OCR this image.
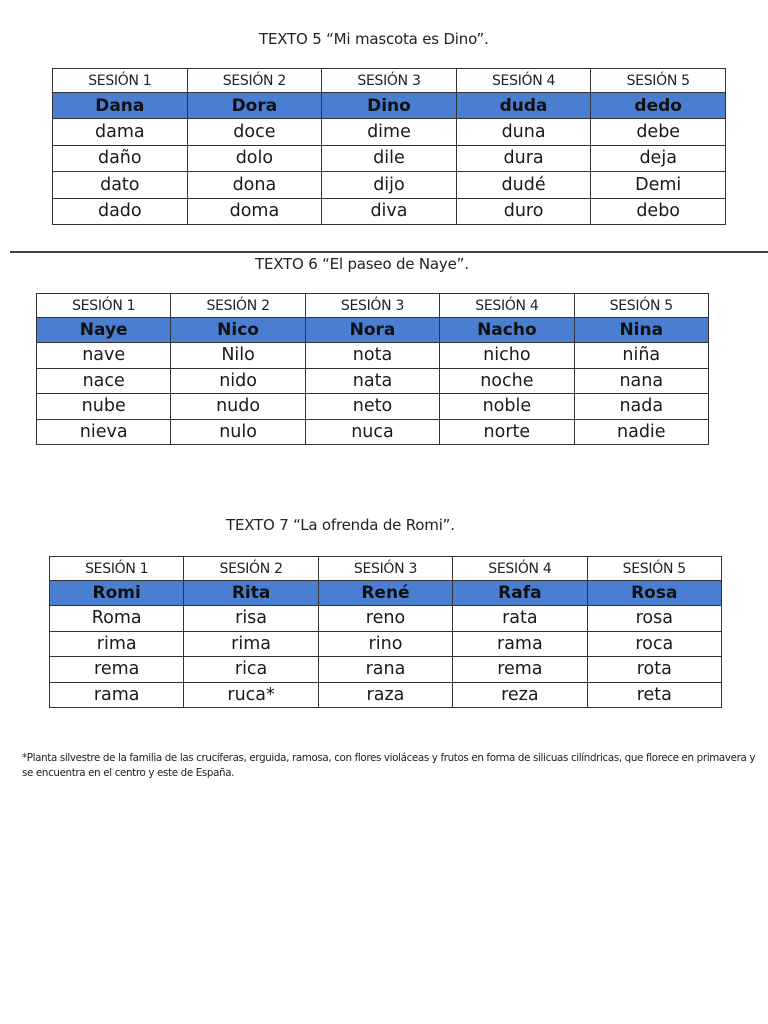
TEXTO 5 “Mi mascota es Dino”.
SESIÓN 1	SESIÓN 2	SESIÓN 3	SESIÓN 4	SESIÓN 5
Dana	Dora	Dino	duda	dedo
dama	doce	dime	duna	debe
daño	dolo	dile	dura	deja
dato	dona	dijo	dudé	Demi
dado	doma	diva	duro	debo
TEXTO 6 “El paseo de Naye”.
SESIÓN 1	SESIÓN 2	SESIÓN 3	SESIÓN 4	SESIÓN 5
Naye	Nico	Nora	Nacho	Nina
nave	Nilo	nota	nicho	niña
nace	nido	nata	noche	nana
nube	nudo	neto	noble	nada
nieva	nulo	nuca	norte	nadie
TEXTO 7 “La ofrenda de Romi”.
SESIÓN 1	SESIÓN 2	SESIÓN 3	SESIÓN 4	SESIÓN 5
Romi	Rita	René	Rafa	Rosa
Roma	risa	reno	rata	rosa
rima	rima	rino	rama	roca
rema	rica	rana	rema	rota
rama	ruca*	raza	reza	reta
*Planta silvestre de la familia de las crucíferas, erguida, ramosa, con flores violáceas y frutos en forma de silicuas cilíndricas, que florece en primavera y se encuentra en el centro y este de España.
